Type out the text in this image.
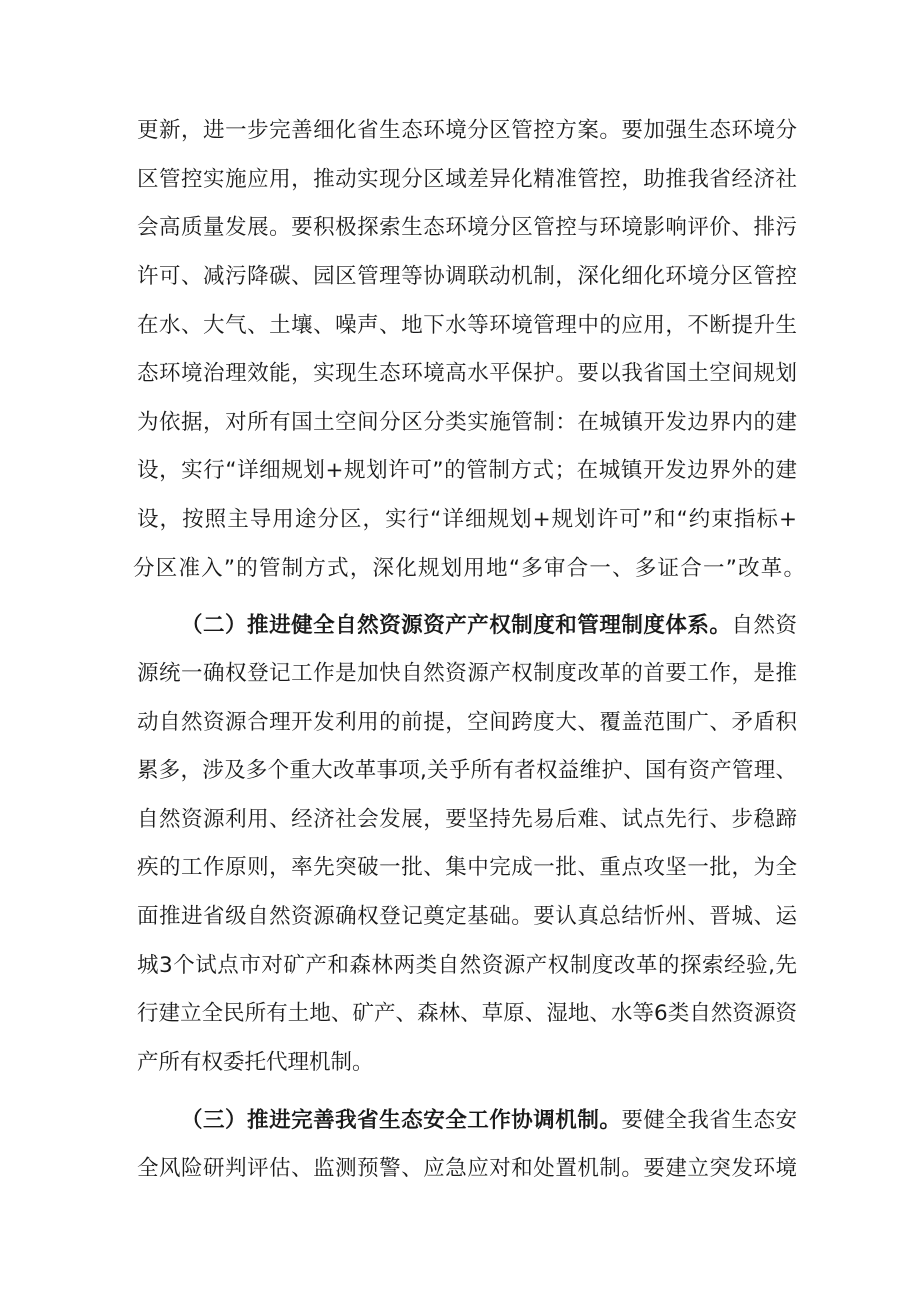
更新，进一步完善细化省生态环境分区管控方案。要加强生态环境分
区管控实施应用，推动实现分区域差异化精准管控，助推我省经济社
会高质量发展。要积极探索生态环境分区管控与环境影响评价、排污
许可、减污降碳、园区管理等协调联动机制，深化细化环境分区管控
在水、大气、土壤、噪声、地下水等环境管理中的应用，不断提升生
态环境治理效能，实现生态环境高水平保护。要以我省国土空间规划
为依据，对所有国土空间分区分类实施管制：在城镇开发边界内的建
设，实行“详细规划+规划许可”的管制方式；在城镇开发边界外的建
设，按照主导用途分区，实行“详细规划+规划许可”和“约束指标+
分区准入”的管制方式，深化规划用地“多审合一、多证合一”改革。
（二）推进健全自然资源资产产权制度和管理制度体系。自然资
源统一确权登记工作是加快自然资源产权制度改革的首要工作，是推
动自然资源合理开发利用的前提，空间跨度大、覆盖范围广、矛盾积
累多，涉及多个重大改革事项,关乎所有者权益维护、国有资产管理、
自然资源利用、经济社会发展，要坚持先易后难、试点先行、步稳蹄
疾的工作原则，率先突破一批、集中完成一批、重点攻坚一批，为全
面推进省级自然资源确权登记奠定基础。要认真总结忻州、晋城、运
城3个试点市对矿产和森林两类自然资源产权制度改革的探索经验,先
行建立全民所有土地、矿产、森林、草原、湿地、水等6类自然资源资
产所有权委托代理机制。
（三）推进完善我省生态安全工作协调机制。要健全我省生态安
全风险研判评估、监测预警、应急应对和处置机制。要建立突发环境
